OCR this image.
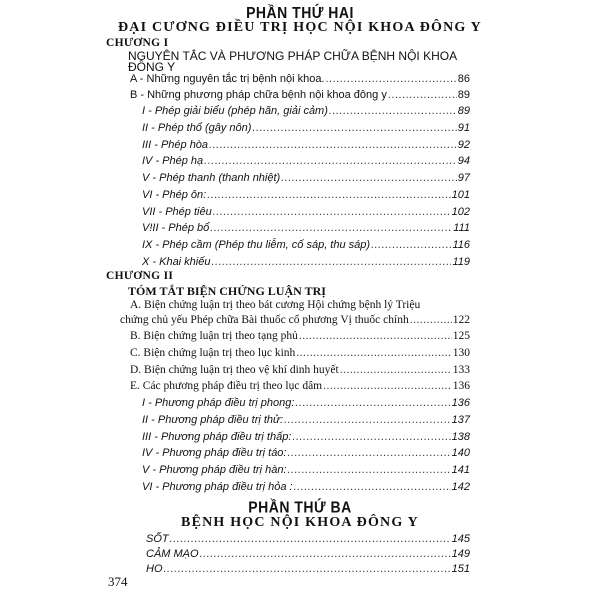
PHẦN THỨ HAI
ĐẠI CƯƠNG ĐIỀU TRỊ HỌC NỘI KHOA ĐÔNG Y
CHƯƠNG I
NGUYÊN TẮC VÀ PHƯƠNG PHÁP CHỮA BỆNH NỘI KHOA ĐÔNG Y
A - Những nguyên tắc trị bệnh nội khoa. .....	86
B - Những phương pháp chữa bệnh nội khoa đông y .....	89
I - Phép giải biểu (phép hãn, giải cảm) .....	89
II - Phép thổ (gây nôn) .....	91
III - Phép hòa .....	92
IV - Phép hạ .....	94
V - Phép thanh (thanh nhiệt) .....	97
VI - Phép ôn: .....	101
VII - Phép tiêu .....	102
V!II - Phép bổ .....	111
IX - Phép cầm (Phép thu liễm, cố sáp, thu sáp) .....	116
X - Khai khiếu .....	119
CHƯƠNG II
TÓM TẮT BIỆN CHỨNG LUẬN TRỊ
A. Biện chứng luận trị theo bát cương Hội chứng bệnh lý Triệu
chứng chủ yếu Phép chữa Bài thuốc cổ phương Vị thuốc chính .....	122
B. Biện chứng luận trị theo tạng phủ .....	125
C. Biện chứng luận trị theo lục kinh .....	130
D. Biện chứng luận trị theo vệ khí dinh huyết .....	133
E. Các phương pháp điều trị theo lục dâm .....	136
I - Phương pháp điều trị phong: .....	136
II - Phương pháp điều trị thử: .....	137
III - Phương pháp điều trị thấp: .....	138
IV - Phương pháp điều trị táo: .....	140
V - Phương pháp điều trị hàn: .....	141
VI - Phương pháp điều trị hỏa : .....	142
PHẦN THỨ BA
BỆNH HỌC NỘI KHOA ĐÔNG Y
374
SỐT .....	145
CẢM MẠO .....	149
HO .....	151
